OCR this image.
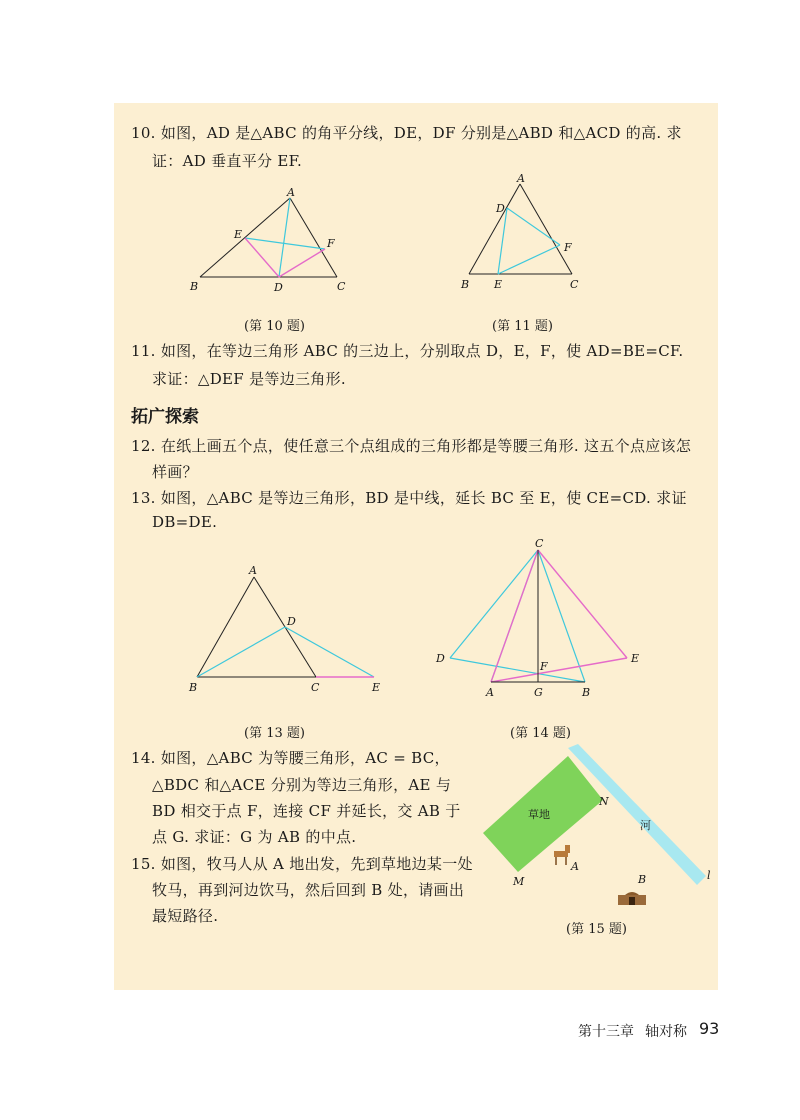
10. 如图，AD 是△ABC 的角平分线，DE，DF 分别是△ABD 和△ACD 的高. 求
证：AD 垂直平分 EF.
A
B	C
D
E
F
A
B	C
D
E
F
(第 10 题)	(第 11 题)
11. 如图，在等边三角形 ABC 的三边上，分别取点 D，E，F，使 AD=BE=CF.
求证：△DEF 是等边三角形.
拓广探索
12. 在纸上画五个点，使任意三个点组成的三角形都是等腰三角形. 这五个点应该怎
样画？
13. 如图，△ABC 是等边三角形，BD 是中线，延长 BC 至 E，使 CE=CD. 求证
DB=DE.
A
B	C
D
E
C
D	E
F
A	G	B
(第 13 题)	(第 14 题)
14. 如图，△ABC 为等腰三角形，AC = BC，
△BDC 和△ACE 分别为等边三角形，AE 与
BD 相交于点 F，连接 CF 并延长，交 AB 于
点 G. 求证：G 为 AB 的中点.
15. 如图，牧马人从 A 地出发，先到草地边某一处
牧马，再到河边饮马，然后回到 B 处，请画出
最短路径.
草地
河
N
M
A
B	l
(第 15 题)
第十三章 轴对称 93
